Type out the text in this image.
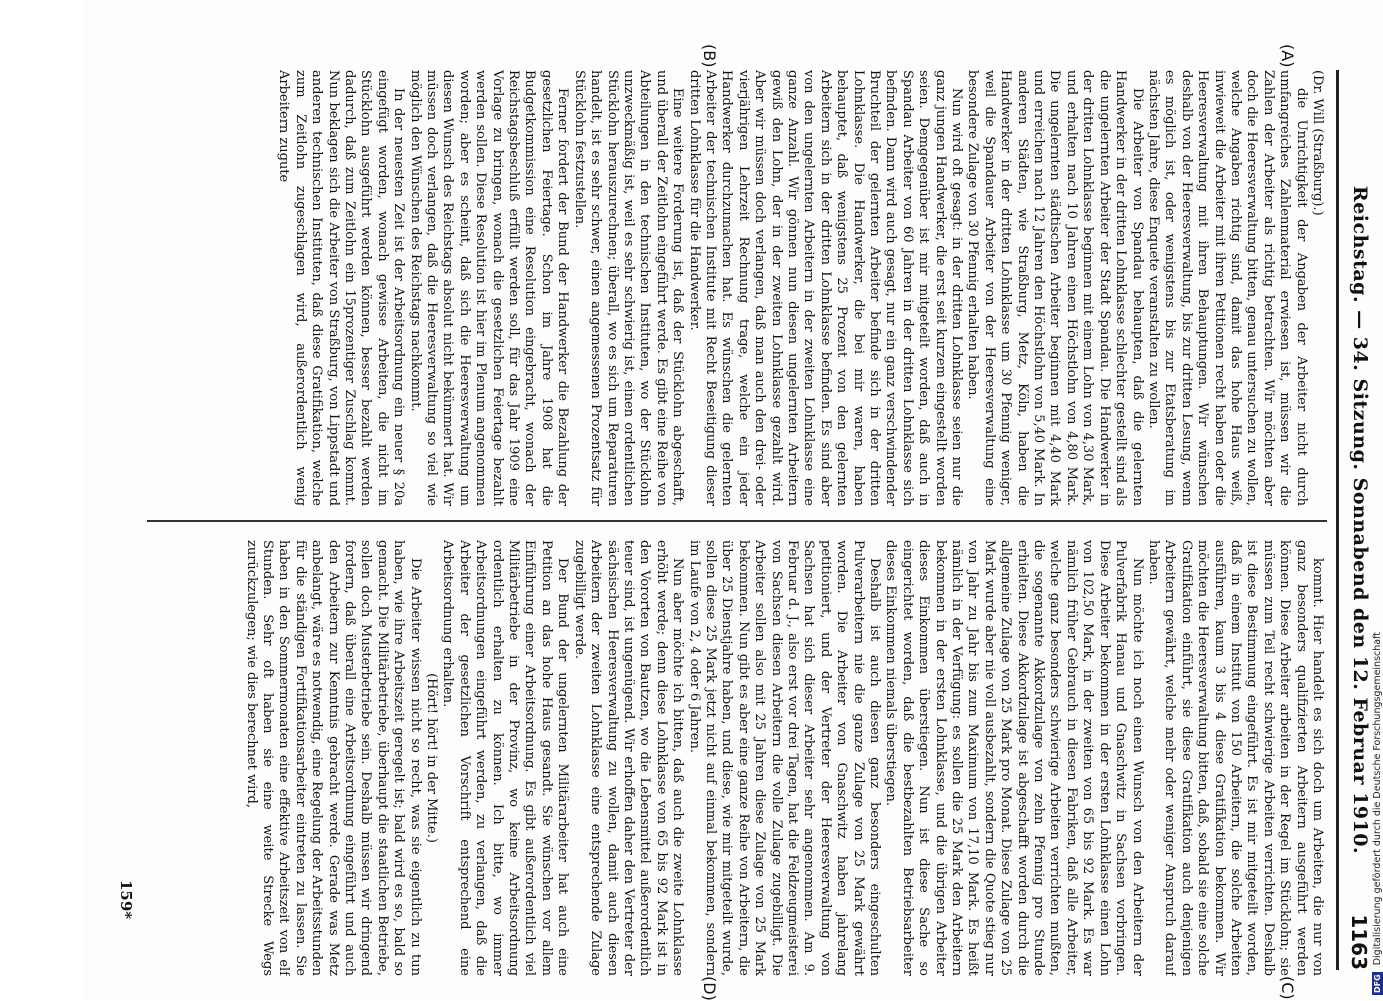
Reichstag. — 34. Sitzung. Sonnabend den 12. Februar 1910.
1163
(A)
(B)
(C)
(D)

(Dr. Will (Straßburg).)

die Unrichtigkeit der Angaben der Arbeiter nicht durch umfangreiches Zahlenmaterial erwiesen ist, müssen wir die Zahlen der Arbeiter als richtig betrachten. Wir möchten aber doch die Heeresverwaltung bitten, genau untersuchen zu wollen, welche Angaben richtig sind, damit das hohe Haus weiß, inwieweit die Arbeiter mit ihren Petitionen recht haben oder die Heeresverwaltung mit ihren Behauptungen. Wir wünschen deshalb von der Heeresverwaltung, bis zur dritten Lesung, wenn es möglich ist, oder wenigstens bis zur Etatsberatung im nächsten Jahre, diese Enquete veranstalten zu wollen.

Die Arbeiter von Spandau behaupten, daß die gelernten Handwerker in der dritten Lohnklasse schlechter gestellt sind als die ungelernten Arbeiter der Stadt Spandau. Die Handwerker in der dritten Lohnklasse beginnen mit einem Lohn von 4,30 Mark, und erhalten nach 10 Jahren einen Höchstlohn von 4,80 Mark. Die ungelernten städtischen Arbeiter beginnen mit 4,40 Mark und erreichen nach 12 Jahren den Höchstlohn von 5,40 Mark. In anderen Städten, wie Straßburg, Metz, Köln, haben die Handwerker in der dritten Lohnklasse um 30 Pfennig weniger, weil die Spandauer Arbeiter von der Heeresverwaltung eine besondere Zulage von 30 Pfennig erhalten haben.

Nun wird oft gesagt: in der dritten Lohnklasse seien nur die ganz jungen Handwerker, die erst seit kurzem eingestellt worden seien. Demgegenüber ist mir mitgeteilt worden, daß auch in Spandau Arbeiter von 60 Jahren in der dritten Lohnklasse sich befinden. Dann wird auch gesagt, nur ein ganz verschwindender Bruchteil der gelernten Arbeiter befinde sich in der dritten Lohnklasse. Die Handwerker, die bei mir waren, haben behauptet, daß wenigstens 25 Prozent von den gelernten Arbeitern sich in der dritten Lohnklasse befinden. Es sind aber von den ungelernten Arbeitern in der zweiten Lohnklasse eine ganze Anzahl. Wir gönnen nun diesen ungelernten Arbeitern gewiß den Lohn, der in der zweiten Lohnklasse gezahlt wird. Aber wir müssen doch verlangen, daß man auch den drei- oder vierjährigen Lehrzeit Rechnung trage, welche ein jeder Handwerker durchzumachen hat. Es wünschen die gelernten Arbeiter der technischen Institute mit Recht Beseitigung dieser dritten Lohnklasse für die Handwerker.

Eine weitere Forderung ist, daß der Stücklohn abgeschafft, und überall der Zeitlohn eingeführt werde. Es gibt eine Reihe von Abteilungen in den technischen Instituten, wo der Stücklohn unzweckmäßig ist, weil es sehr schwierig ist, einen ordentlichen Stücklohn herauszurechnen; überall, wo es sich um Reparaturen handelt, ist es sehr schwer, einen angemessenen Prozentsatz für Stücklohn festzustellen.

Ferner fordert der Bund der Handwerker die Bezahlung der gesetzlichen Feiertage. Schon im Jahre 1908 hat die Budgetkommission eine Resolution eingebracht, wonach der Reichstagsbeschluß erfüllt werden soll, für das Jahr 1909 eine Vorlage zu bringen, wonach die gesetzlichen Feiertage bezahlt werden sollen. Diese Resolution ist hier im Plenum angenommen worden; aber es scheint, daß sich die Heeresverwaltung um diesen Wunsch des Reichstags absolut nicht bekümmert hat. Wir müssen doch verlangen, daß die Heeresverwaltung so viel wie möglich den Wünschen des Reichstags nachkommt.

In der neuesten Zeit ist der Arbeitsordnung ein neuer § 20a eingefügt worden, wonach gewisse Arbeiten, die nicht im Stücklohn ausgeführt werden können, besser bezahlt werden dadurch, daß zum Zeitlohn ein 15prozentiger Zuschlag kommt. Nun beklagen sich die Arbeiter von Straßburg, von Lippstadt und anderen technischen Instituten, daß diese Gratifikation, welche zum Zeitlohn zugeschlagen wird, außerordentlich wenig Arbeitern zugute

kommt. Hier handelt es sich doch um Arbeiten, die nur von ganz besonders qualifizierten Arbeitern ausgeführt werden können. Diese Arbeiter arbeiten in der Regel im Stücklohn; sie müssen zum Teil recht schwierige Arbeiten verrichten. Deshalb ist diese Bestimmung eingeführt. Es ist mir mitgeteilt worden, daß in einem Institut von 150 Arbeitern, die solche Arbeiten ausführen, kaum 3 bis 4 diese Gratifikation bekommen. Wir möchten die Heeresverwaltung bitten, daß, sobald sie eine solche Gratifikation einführt, sie diese Gratifikation auch denjenigen Arbeitern gewährt, welche mehr oder weniger Anspruch darauf haben.

Nun möchte ich noch einen Wunsch von den Arbeitern der Pulverfabrik Hanau und Gnaschwitz in Sachsen vorbringen. Diese Arbeiter bekommen in der ersten Lohnklasse einen Lohn von 102,50 Mark, in der zweiten von 65 bis 92 Mark. Es war nämlich früher Gebrauch in diesen Fabriken, daß alle Arbeiter, welche ganz besonders schwierige Arbeiten verrichten mußten, die sogenannte Akkordzulage von zehn Pfennig pro Stunde erhielten. Diese Akkordzulage ist abgeschafft worden durch die allgemeine Zulage von 25 Mark pro Monat. Diese Zulage von 25 Mark wurde aber nie voll ausbezahlt, sondern die Quote stieg nur von Jahr zu Jahr bis zum Maximum von 17,10 Mark. Es heißt nämlich in der Verfügung: es sollen die 25 Mark den Arbeitern bekommen in der ersten Lohnklasse, und die übrigen Arbeiter dieses Einkommen überstiegen. Nun ist diese Sache so eingerichtet worden, daß die bestbezahlten Betriebsarbeiter dieses Einkommen niemals überstiegen.

Deshalb ist auch diesen ganz besonders eingeschulten Pulverarbeitern nie die ganze Zulage von 25 Mark gewährt worden. Die Arbeiter von Gnaschwitz haben jahrelang petitioniert, und der Vertreter der Heeresverwaltung von Sachsen hat sich dieser Arbeiter sehr angenommen. Am 9. Februar d. J., also erst vor drei Tagen, hat die Feldzeugmeisterei von Sachsen diesen Arbeitern die volle Zulage zugebilligt. Die Arbeiter sollen also mit 25 Jahren diese Zulage von 25 Mark bekommen. Nun gibt es aber eine ganze Reihe von Arbeitern, die über 25 Dienstjahre haben, und diese, wie mir mitgeteilt wurde, sollen diese 25 Mark jetzt nicht auf einmal bekommen, sondern im Laufe von 2, 4 oder 6 Jahren.

Nun aber möchte ich bitten, daß auch die zweite Lohnklasse erhöht werde; denn diese Lohnklasse von 65 bis 92 Mark ist in den Vororten von Bautzen, wo die Lebensmittel außerordentlich teuer sind, ist ungenügend. Wir erhoffen daher den Vertreter der sächsischen Heeresverwaltung zu wollen, damit auch diesen Arbeitern der zweiten Lohnklasse eine entsprechende Zulage zugebilligt werde.

Der Bund der ungelernten Militärarbeiter hat auch eine Petition an das hohe Haus gesandt. Sie wünschen vor allem Einführung einer Arbeitsordnung. Es gibt außerordentlich viel Militärbetriebe in der Provinz, wo keine Arbeitsordnung ordentlich erhalten zu können. Ich bitte, wo immer Arbeitsordnungen eingeführt werden, zu verlangen, daß die Arbeiter der gesetzlichen Vorschrift entsprechend eine Arbeitsordnung erhalten.

(Hört! hört! in der Mitte.)

Die Arbeiter wissen nicht so recht, was sie eigentlich zu tun haben, wie ihre Arbeitszeit geregelt ist; bald wird es so, bald so gemacht. Die Militärbetriebe, überhaupt die staatlichen Betriebe, sollen doch Musterbetriebe sein. Deshalb müssen wir dringend fordern, daß überall eine Arbeitsordnung eingeführt und auch den Arbeitern zur Kenntnis gebracht werde. Gerade was Metz anbelangt, wäre es notwendig, eine Regelung der Arbeitsstunden für die ständigen Fortifikationsarbeiter eintreten zu lassen. Sie haben in den Sommermonaten eine effektive Arbeitszeit von elf Stunden. Sehr oft haben sie eine weite Strecke Wegs zurückzulegen; wie dies berechnet wird,

159*
DFG Digitalisierung gefördert durch die Deutsche Forschungsgemeinschaft
